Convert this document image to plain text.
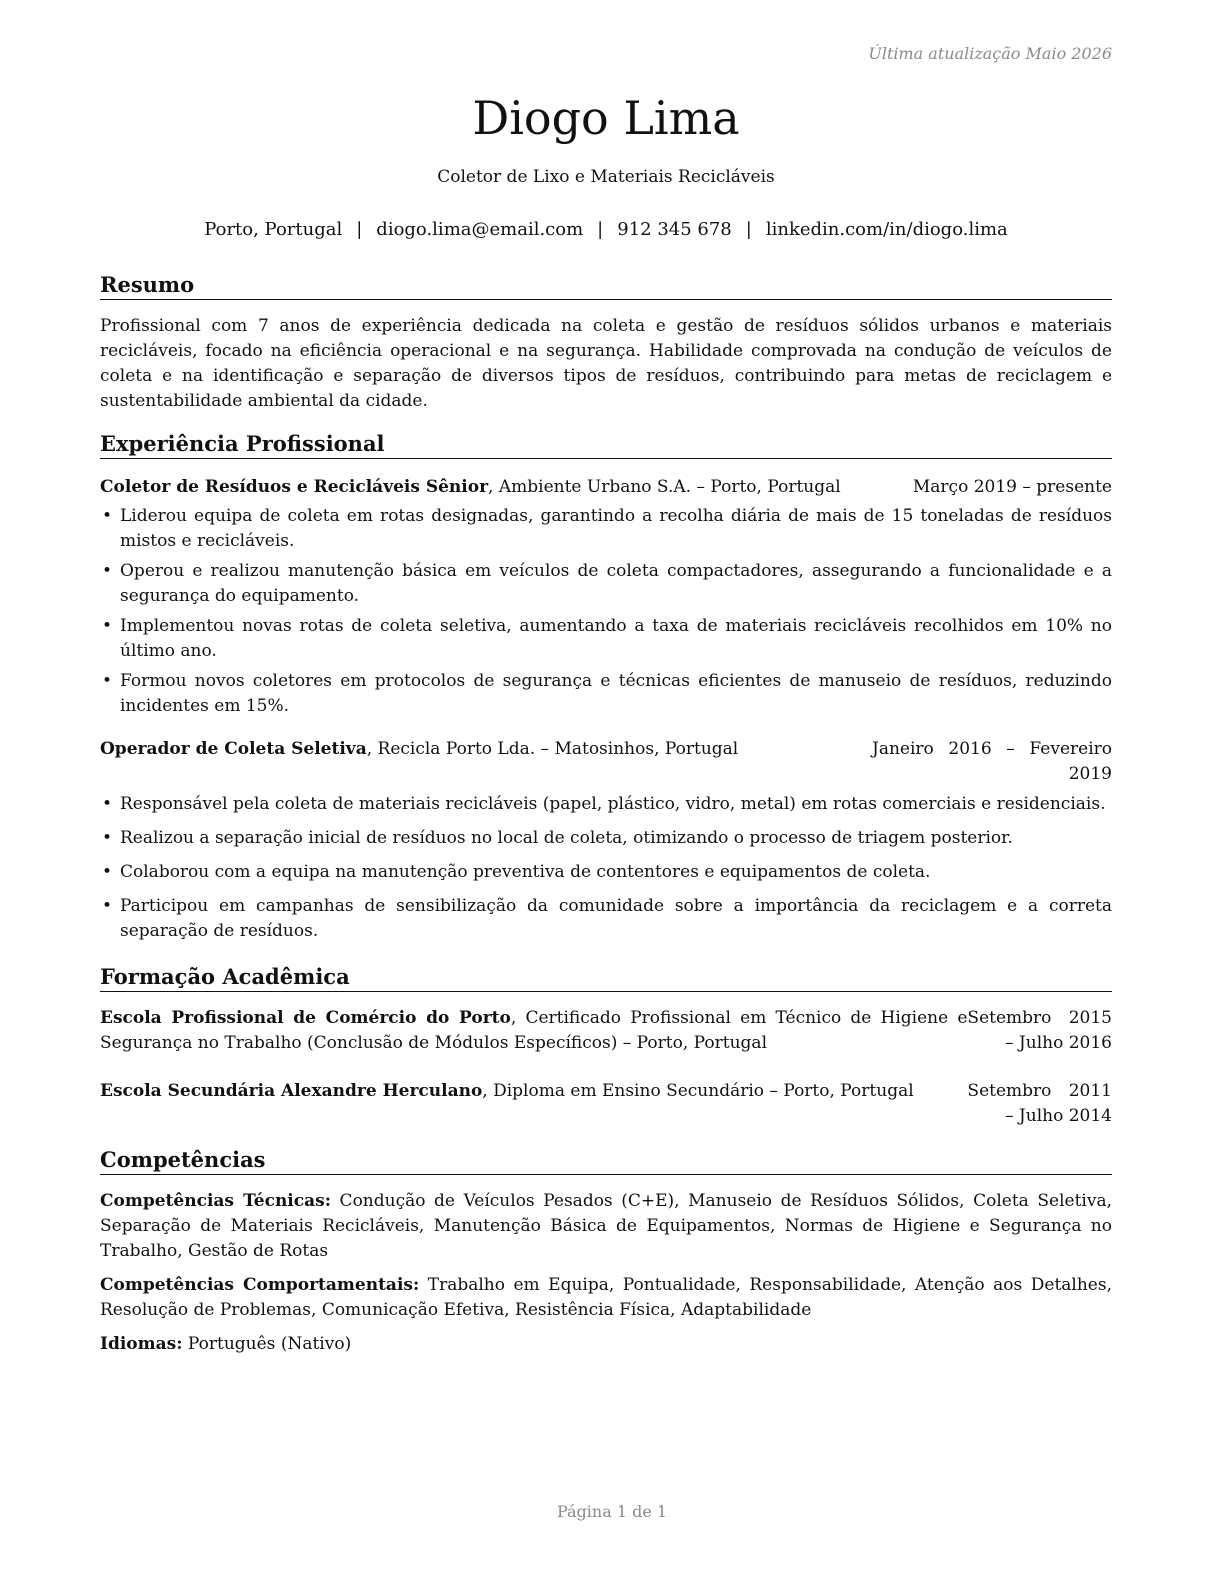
Última atualização Maio 2026
Diogo Lima
Coletor de Lixo e Materiais Recicláveis
Porto, Portugal | diogo.lima@email.com | 912 345 678 | linkedin.com/in/diogo.lima
Resumo
Profissional com 7 anos de experiência dedicada na coleta e gestão de resíduos sólidos urbanos e materiais recicláveis, focado na eficiência operacional e na segurança. Habilidade comprovada na condução de veículos de coleta e na identificação e separação de diversos tipos de resíduos, contribuindo para metas de reciclagem e sustentabilidade ambiental da cidade.
Experiência Profissional
Coletor de Resíduos e Recicláveis Sênior, Ambiente Urbano S.A. – Porto, Portugal	Março 2019 – presente
• Liderou equipa de coleta em rotas designadas, garantindo a recolha diária de mais de 15 toneladas de resíduos mistos e recicláveis.
• Operou e realizou manutenção básica em veículos de coleta compactadores, assegurando a funcionalidade e a segurança do equipamento.
• Implementou novas rotas de coleta seletiva, aumentando a taxa de materiais recicláveis recolhidos em 10% no último ano.
• Formou novos coletores em protocolos de segurança e técnicas eficientes de manuseio de resíduos, reduzindo incidentes em 15%.
Operador de Coleta Seletiva, Recicla Porto Lda. – Matosinhos, Portugal	Janeiro 2016 – Fevereiro 2019
• Responsável pela coleta de materiais recicláveis (papel, plástico, vidro, metal) em rotas comerciais e residenciais.
• Realizou a separação inicial de resíduos no local de coleta, otimizando o processo de triagem posterior.
• Colaborou com a equipa na manutenção preventiva de contentores e equipamentos de coleta.
• Participou em campanhas de sensibilização da comunidade sobre a importância da reciclagem e a correta separação de resíduos.
Formação Acadêmica
Escola Profissional de Comércio do Porto, Certificado Profissional em Técnico de Higiene e Segurança no Trabalho (Conclusão de Módulos Específicos) – Porto, Portugal
Setembro 2015 – Julho 2016
Escola Secundária Alexandre Herculano, Diploma em Ensino Secundário – Porto, Portugal	Setembro 2011 – Julho 2014
Competências
Competências Técnicas: Condução de Veículos Pesados (C+E), Manuseio de Resíduos Sólidos, Coleta Seletiva, Separação de Materiais Recicláveis, Manutenção Básica de Equipamentos, Normas de Higiene e Segurança no Trabalho, Gestão de Rotas
Competências Comportamentais: Trabalho em Equipa, Pontualidade, Responsabilidade, Atenção aos Detalhes, Resolução de Problemas, Comunicação Efetiva, Resistência Física, Adaptabilidade
Idiomas: Português (Nativo)
Página 1 de 1
